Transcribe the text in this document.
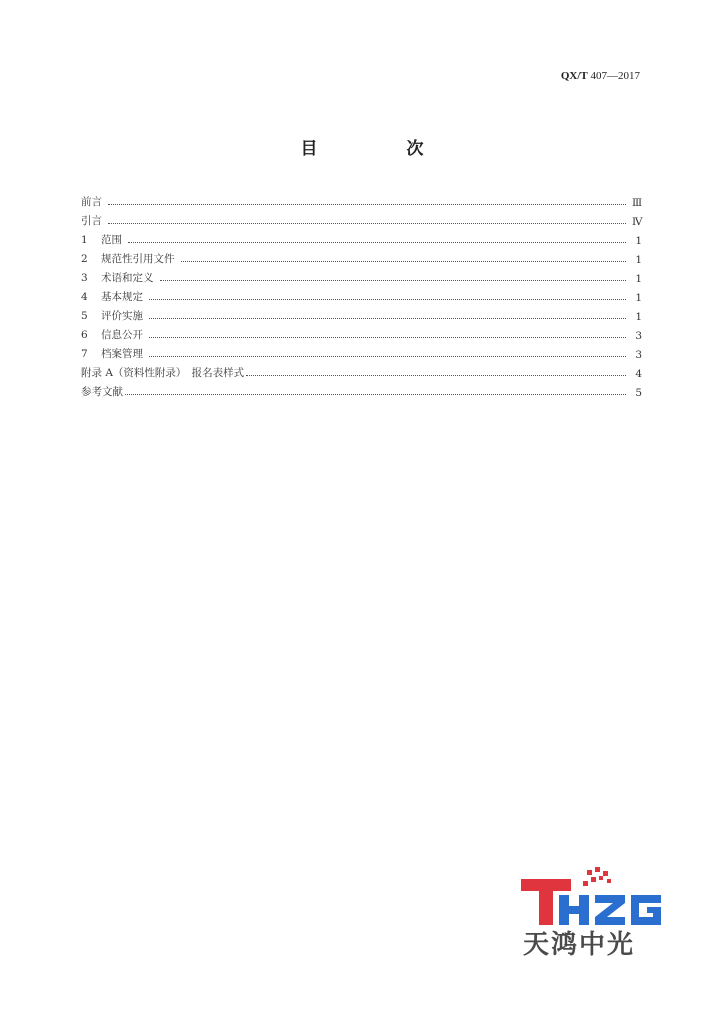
QX/T 407—2017
目　次
前言	Ⅲ
引言	Ⅳ
1 范围	1
2 规范性引用文件	1
3 术语和定义	1
4 基本规定	1
5 评价实施	1
6 信息公开	3
7 档案管理	3
附录 A（资料性附录）　报名表样式	4
参考文献	5
天鸿中光
